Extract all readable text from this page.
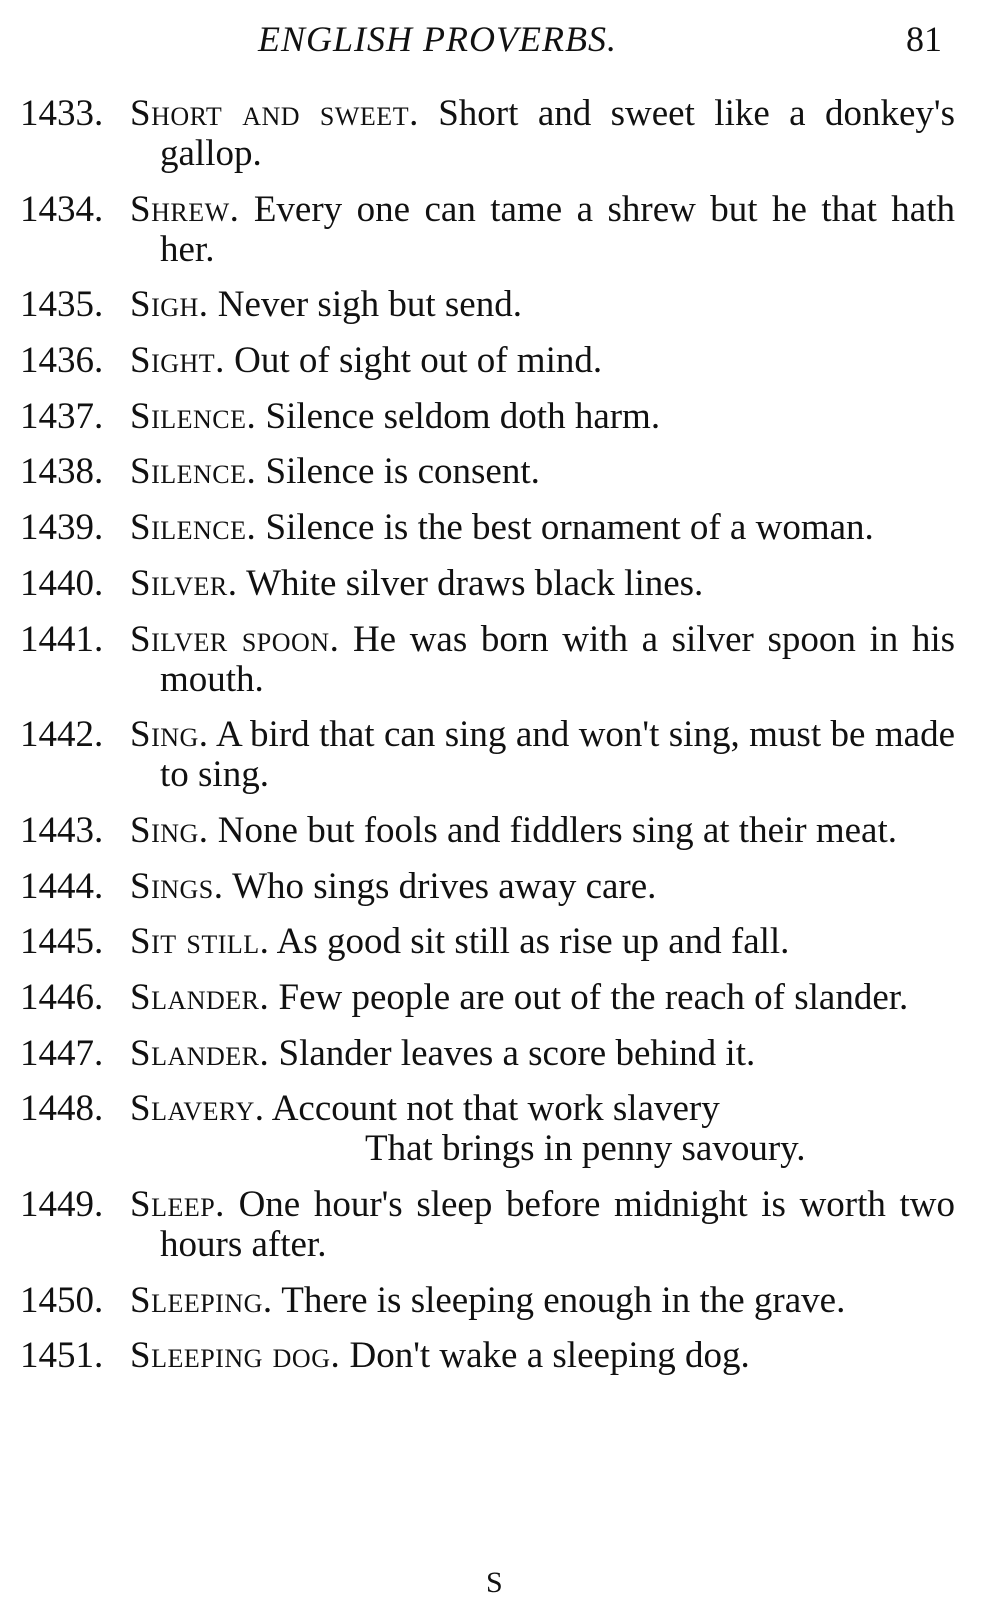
ENGLISH PROVERBS.	81
1433. Short and sweet. Short and sweet like a donkey's gallop.
1434. Shrew. Every one can tame a shrew but he that hath her.
1435. Sigh. Never sigh but send.
1436. Sight. Out of sight out of mind.
1437. Silence. Silence seldom doth harm.
1438. Silence. Silence is consent.
1439. Silence. Silence is the best ornament of a woman.
1440. Silver. White silver draws black lines.
1441. Silver spoon. He was born with a silver spoon in his mouth.
1442. Sing. A bird that can sing and won't sing, must be made to sing.
1443. Sing. None but fools and fiddlers sing at their meat.
1444. Sings. Who sings drives away care.
1445. Sit still. As good sit still as rise up and fall.
1446. Slander. Few people are out of the reach of slander.
1447. Slander. Slander leaves a score behind it.
1448. Slavery. Account not that work slavery
That brings in penny savoury.
1449. Sleep. One hour's sleep before midnight is worth two hours after.
1450. Sleeping. There is sleeping enough in the grave.
1451. Sleeping dog. Don't wake a sleeping dog.
S
